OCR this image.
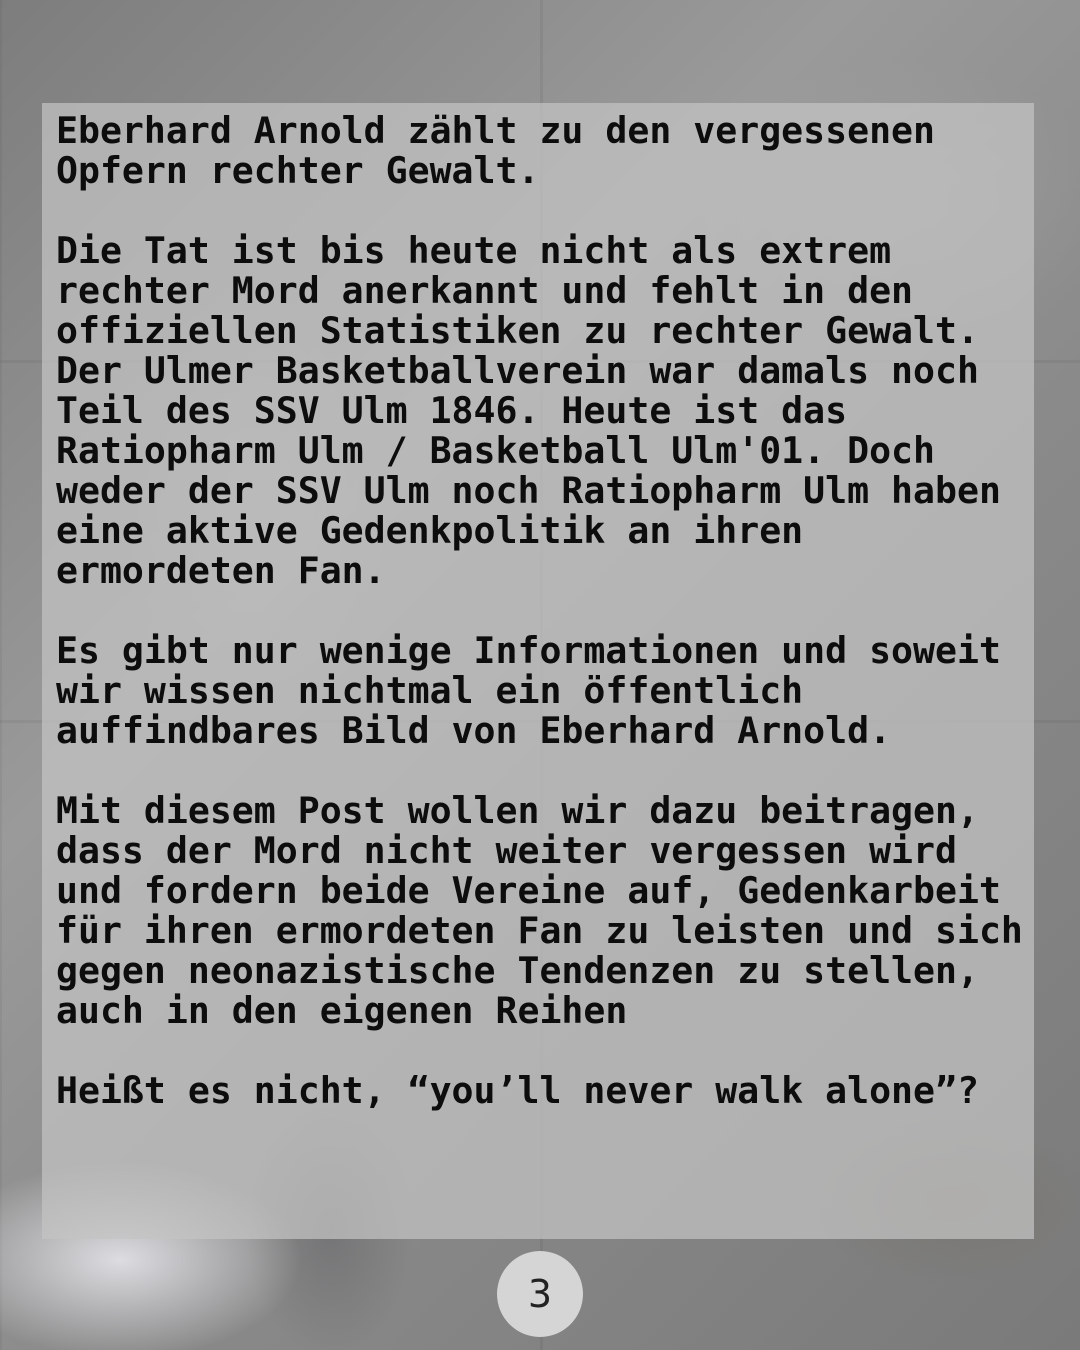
Eberhard Arnold zählt zu den vergessenen
Opfern rechter Gewalt.

Die Tat ist bis heute nicht als extrem
rechter Mord anerkannt und fehlt in den
offiziellen Statistiken zu rechter Gewalt.
Der Ulmer Basketballverein war damals noch
Teil des SSV Ulm 1846. Heute ist das
Ratiopharm Ulm / Basketball Ulm'01. Doch
weder der SSV Ulm noch Ratiopharm Ulm haben
eine aktive Gedenkpolitik an ihren
ermordeten Fan.

Es gibt nur wenige Informationen und soweit
wir wissen nichtmal ein öffentlich
auffindbares Bild von Eberhard Arnold.

Mit diesem Post wollen wir dazu beitragen,
dass der Mord nicht weiter vergessen wird
und fordern beide Vereine auf, Gedenkarbeit
für ihren ermordeten Fan zu leisten und sich
gegen neonazistische Tendenzen zu stellen,
auch in den eigenen Reihen

Heißt es nicht, “you’ll never walk alone”?

3
